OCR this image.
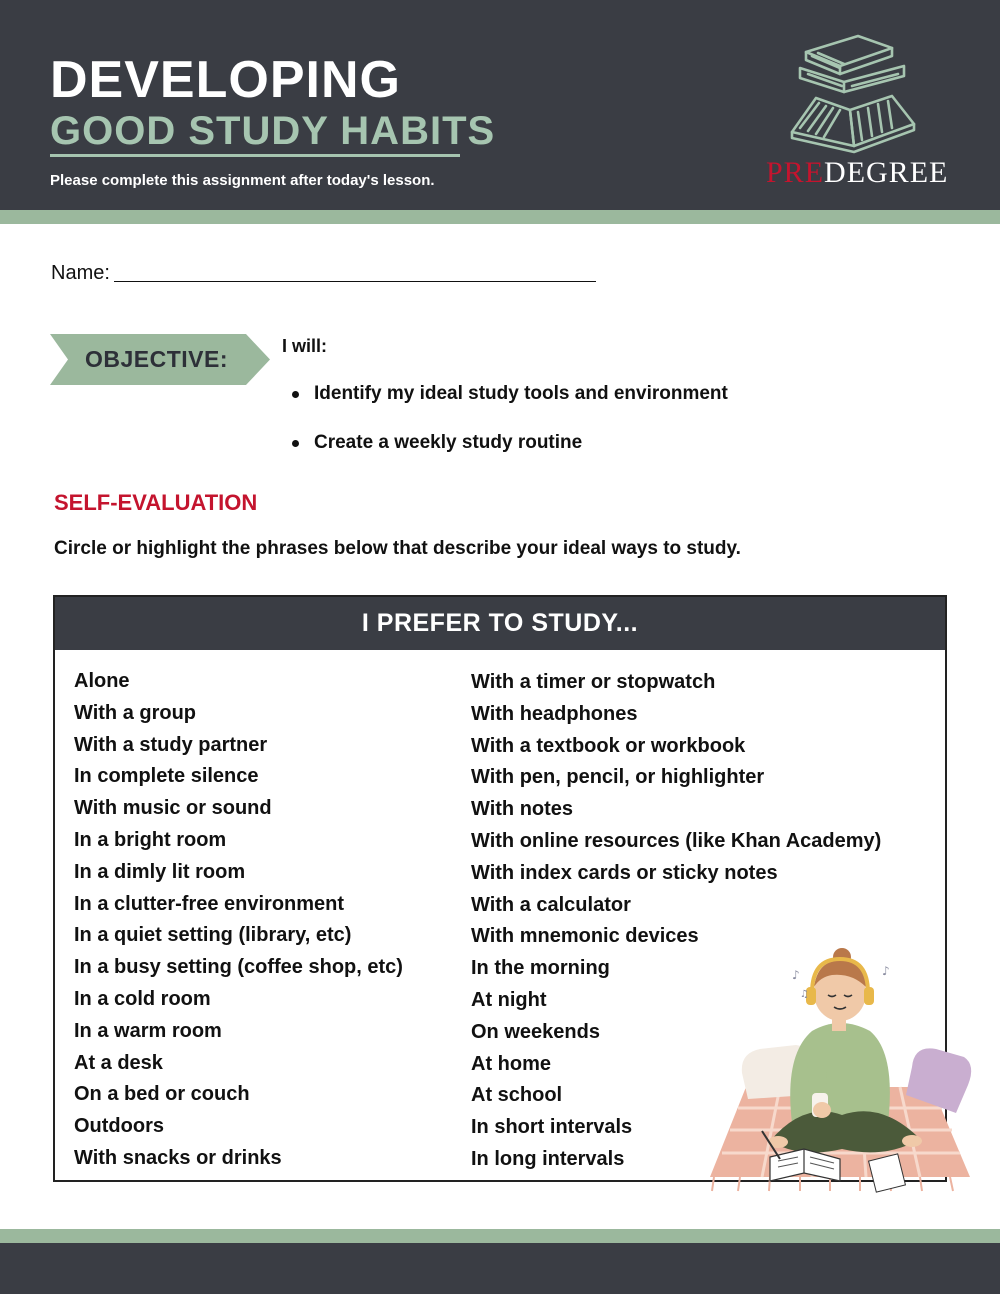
DEVELOPING
GOOD STUDY HABITS
Please complete this assignment after today's lesson.	PREDEGREE
Name:
OBJECTIVE:	I will:
Identify my ideal study tools and environment
Create a weekly study routine
SELF-EVALUATION
Circle or highlight the phrases below that describe your ideal ways to study.
I PREFER TO STUDY...
Alone
With a group
With a study partner
In complete silence
With music or sound
In a bright room
In a dimly lit room
In a clutter-free environment
In a quiet setting (library, etc)
In a busy setting (coffee shop, etc)
In a cold room
In a warm room
At a desk
On a bed or couch
Outdoors
With snacks or drinks
With a timer or stopwatch
With headphones
With a textbook or workbook
With pen, pencil, or highlighter
With notes
With online resources (like Khan Academy)
With index cards or sticky notes
With a calculator
With mnemonic devices
In the morning
At night
On weekends
At home
At school
In short intervals
In long intervals
♪
♫
♪
